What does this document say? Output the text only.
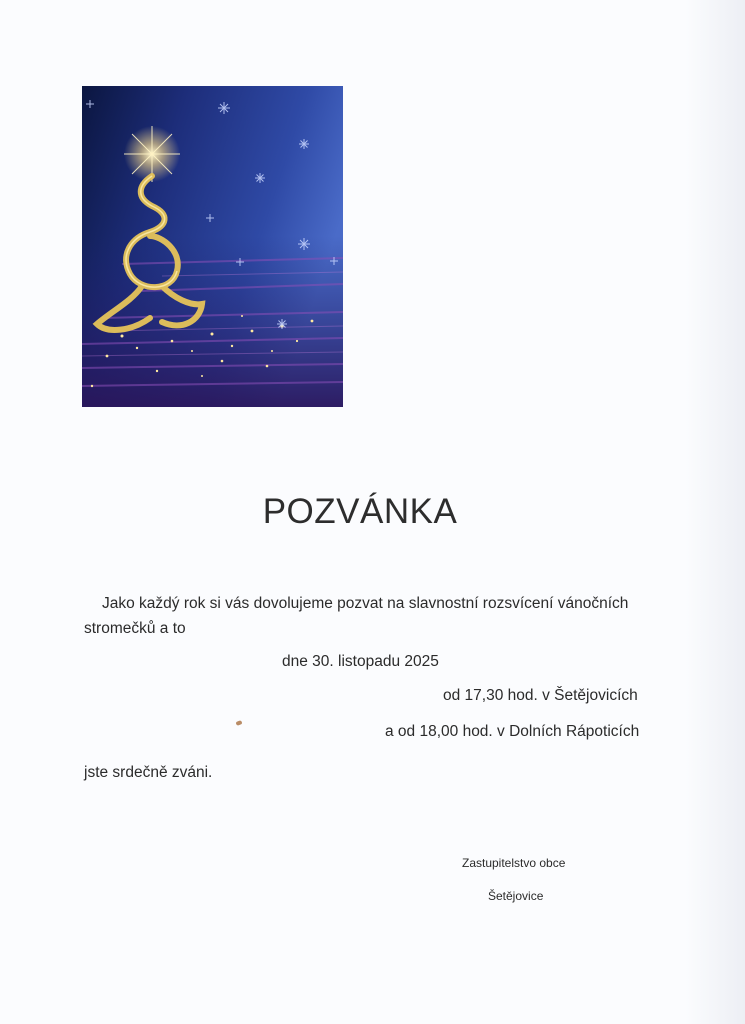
POZVÁNKA
Jako každý rok si vás dovolujeme pozvat na slavnostní rozsvícení vánočních stromečků a to
dne 30. listopadu 2025
od 17,30 hod. v Šetějovicích
a od 18,00 hod. v Dolních Rápoticích
jste srdečně zváni.
Zastupitelstvo obce
Šetějovice
